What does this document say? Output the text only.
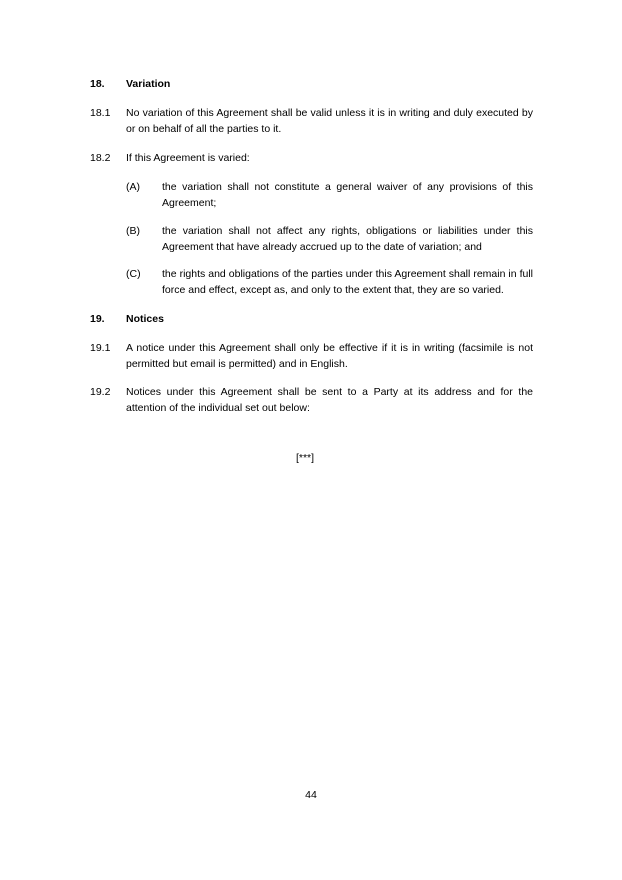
18. Variation
18.1 No variation of this Agreement shall be valid unless it is in writing and duly executed by or on behalf of all the parties to it.
18.2 If this Agreement is varied:
(A) the variation shall not constitute a general waiver of any provisions of this Agreement;
(B) the variation shall not affect any rights, obligations or liabilities under this Agreement that have already accrued up to the date of variation; and
(C) the rights and obligations of the parties under this Agreement shall remain in full force and effect, except as, and only to the extent that, they are so varied.
19. Notices
19.1 A notice under this Agreement shall only be effective if it is in writing (facsimile is not permitted but email is permitted) and in English.
19.2 Notices under this Agreement shall be sent to a Party at its address and for the attention of the individual set out below:
[***]
44
